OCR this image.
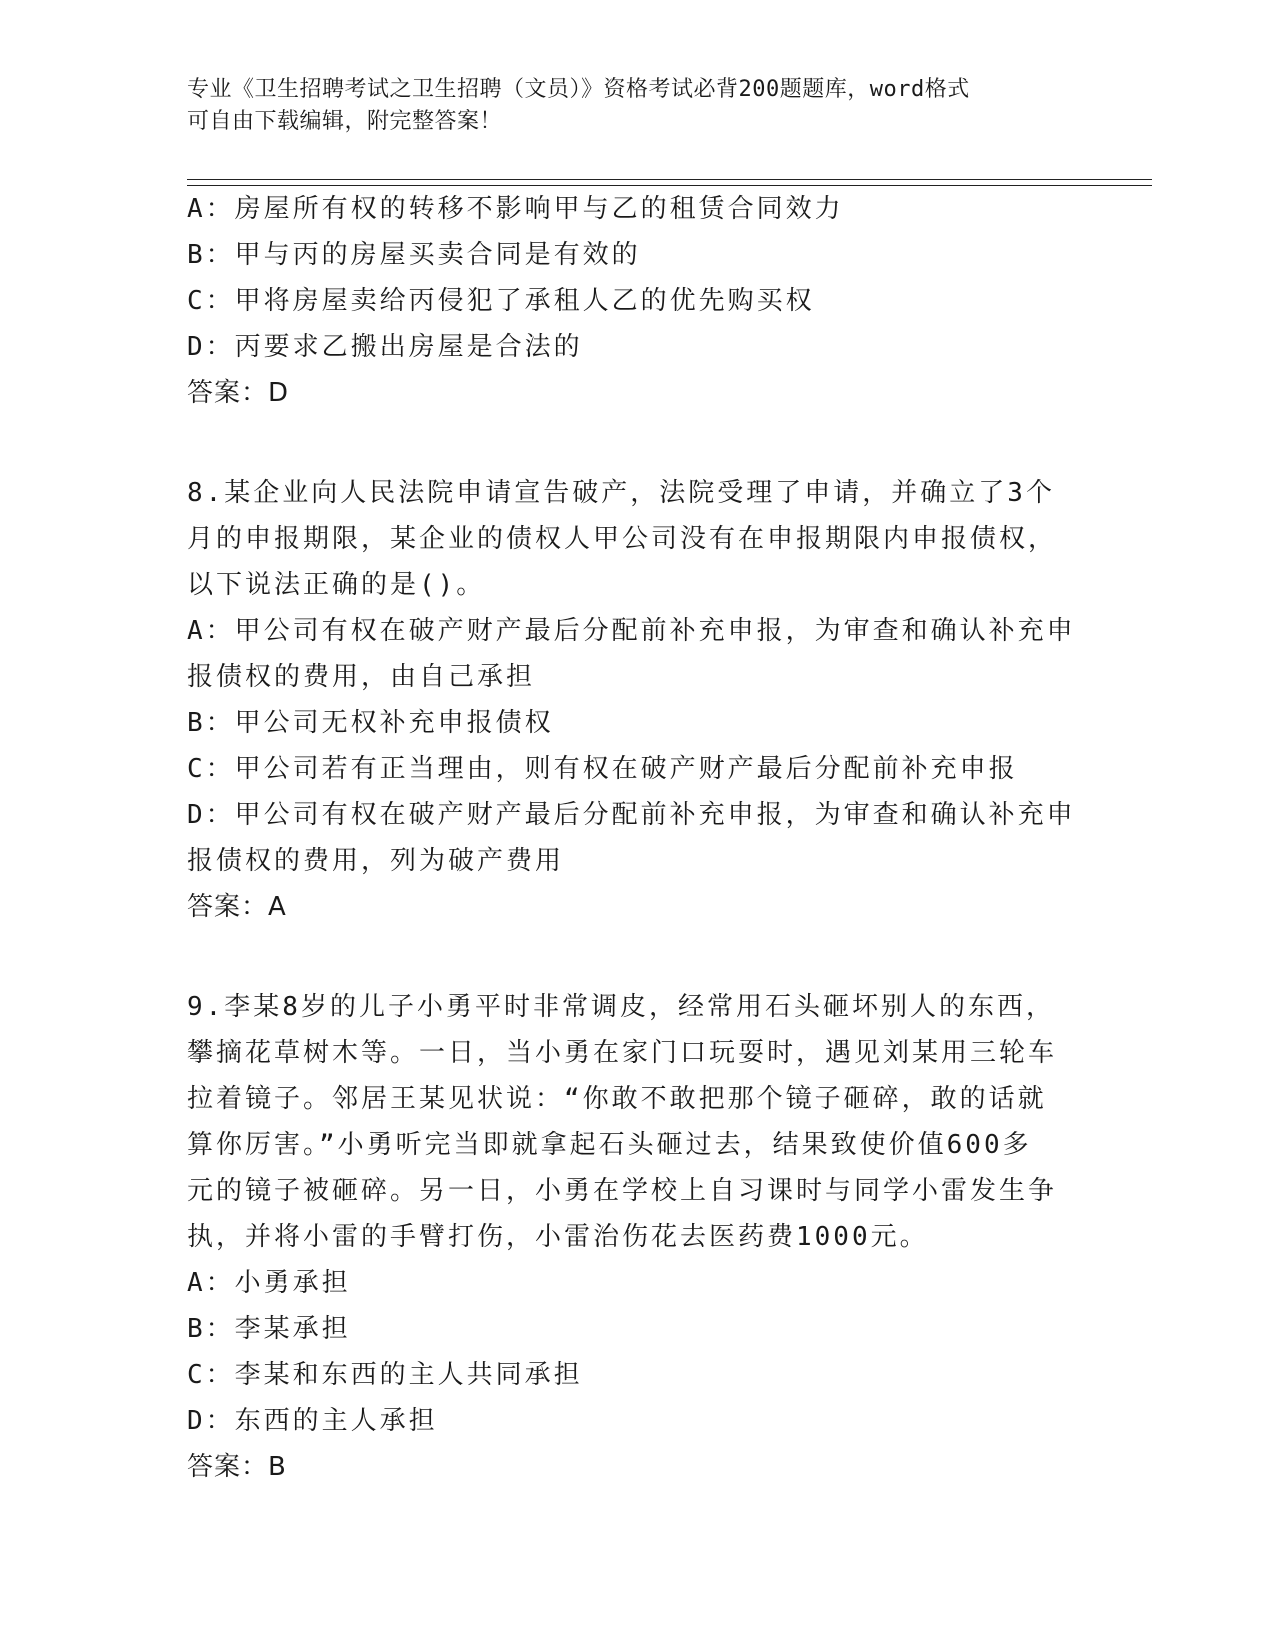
专业《卫生招聘考试之卫生招聘（文员）》资格考试必背200题题库，word格式
可自由下载编辑，附完整答案！
A：房屋所有权的转移不影响甲与乙的租赁合同效力
B：甲与丙的房屋买卖合同是有效的
C：甲将房屋卖给丙侵犯了承租人乙的优先购买权
D：丙要求乙搬出房屋是合法的
答案：D
8.某企业向人民法院申请宣告破产，法院受理了申请，并确立了3个
月的申报期限，某企业的债权人甲公司没有在申报期限内申报债权，
以下说法正确的是()。
A：甲公司有权在破产财产最后分配前补充申报，为审查和确认补充申
报债权的费用，由自己承担
B：甲公司无权补充申报债权
C：甲公司若有正当理由，则有权在破产财产最后分配前补充申报
D：甲公司有权在破产财产最后分配前补充申报，为审查和确认补充申
报债权的费用，列为破产费用
答案：A
9.李某8岁的儿子小勇平时非常调皮，经常用石头砸坏别人的东西，
攀摘花草树木等。一日，当小勇在家门口玩耍时，遇见刘某用三轮车
拉着镜子。邻居王某见状说：“你敢不敢把那个镜子砸碎，敢的话就
算你厉害。”小勇听完当即就拿起石头砸过去，结果致使价值600多
元的镜子被砸碎。另一日，小勇在学校上自习课时与同学小雷发生争
执，并将小雷的手臂打伤，小雷治伤花去医药费1000元。
A：小勇承担
B：李某承担
C：李某和东西的主人共同承担
D：东西的主人承担
答案：B
